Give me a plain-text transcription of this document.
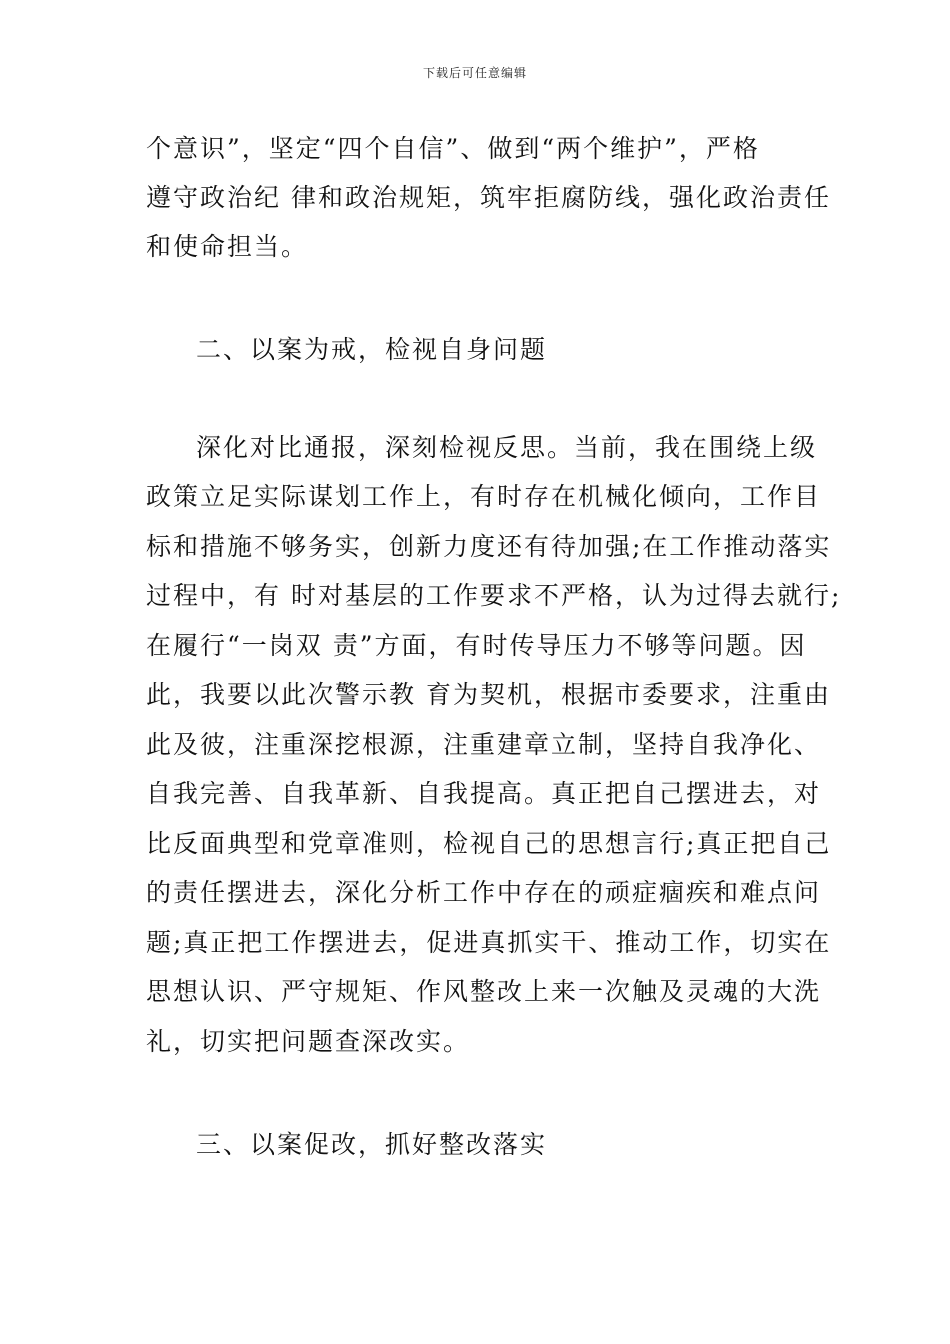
下载后可任意编辑
个意识”，坚定“四个自信”、做到“两个维护”，严格
遵守政治纪 律和政治规矩，筑牢拒腐防线，强化政治责任
和使命担当。
二、以案为戒，检视自身问题
深化对比通报，深刻检视反思。当前，我在围绕上级
政策立足实际谋划工作上，有时存在机械化倾向，工作目
标和措施不够务实，创新力度还有待加强;在工作推动落实
过程中，有 时对基层的工作要求不严格，认为过得去就行;
在履行“一岗双 责”方面，有时传导压力不够等问题。因
此，我要以此次警示教 育为契机，根据市委要求，注重由
此及彼，注重深挖根源，注重建章立制，坚持自我净化、
自我完善、自我革新、自我提高。真正把自己摆进去，对
比反面典型和党章准则，检视自己的思想言行;真正把自己
的责任摆进去，深化分析工作中存在的顽症痼疾和难点问
题;真正把工作摆进去，促进真抓实干、推动工作，切实在
思想认识、严守规矩、作风整改上来一次触及灵魂的大洗
礼，切实把问题查深改实。
三、以案促改，抓好整改落实
